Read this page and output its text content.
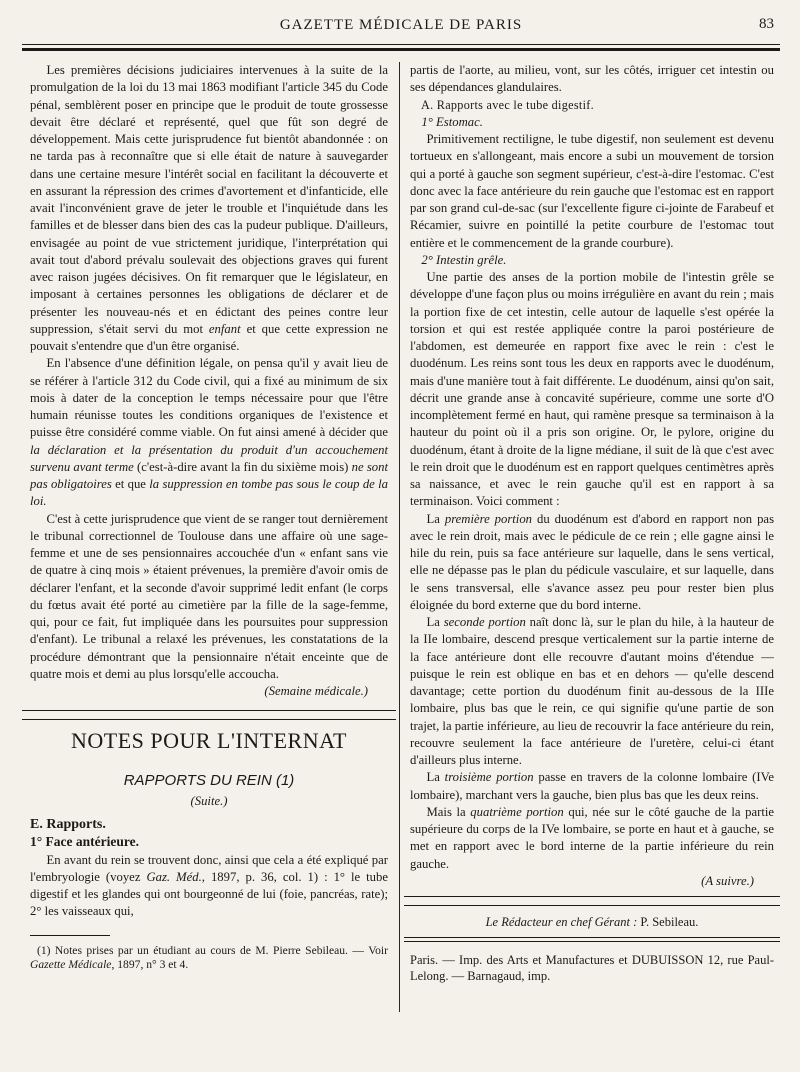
GAZETTE MÉDICALE DE PARIS	83

Les premières décisions judiciaires intervenues à la suite de la promulgation de la loi du 13 mai 1863 modifiant l'article 345 du Code pénal, semblèrent poser en principe que le produit de toute grossesse devait être déclaré et représenté, quel que fût son degré de développement. Mais cette jurisprudence fut bientôt abandonnée : on ne tarda pas à reconnaître que si elle était de nature à sauvegarder dans une certaine mesure l'intérêt social en facilitant la découverte et en assurant la répression des crimes d'avortement et d'infanticide, elle avait l'inconvénient grave de jeter le trouble et l'inquiétude dans les familles et de blesser dans bien des cas la pudeur publique. D'ailleurs, envisagée au point de vue strictement juridique, l'interprétation qui avait tout d'abord prévalu soulevait des objections graves qui furent avec raison jugées décisives. On fit remarquer que le législateur, en imposant à certaines personnes les obligations de déclarer et de présenter les nouveau-nés et en édictant des peines contre leur suppression, s'était servi du mot enfant et que cette expression ne pouvait s'entendre que d'un être organisé.

En l'absence d'une définition légale, on pensa qu'il y avait lieu de se référer à l'article 312 du Code civil, qui a fixé au minimum de six mois à dater de la conception le temps nécessaire pour que l'être humain réunisse toutes les conditions organiques de l'existence et puisse être considéré comme viable. On fut ainsi amené à décider que la déclaration et la présentation du produit d'un accouchement survenu avant terme (c'est-à-dire avant la fin du sixième mois) ne sont pas obligatoires et que la suppression en tombe pas sous le coup de la loi.

C'est à cette jurisprudence que vient de se ranger tout dernièrement le tribunal correctionnel de Toulouse dans une affaire où une sage-femme et une de ses pensionnaires accouchée d'un « enfant sans vie de quatre à cinq mois » étaient prévenues, la première d'avoir omis de déclarer l'enfant, et la seconde d'avoir supprimé ledit enfant (le corps du fœtus avait été porté au cimetière par la fille de la sage-femme, qui, pour ce fait, fut impliquée dans les poursuites pour suppression d'enfant). Le tribunal a relaxé les prévenues, les constatations de la procédure démontrant que la pensionnaire n'était enceinte que de quatre mois et demi au plus lorsqu'elle accoucha.

(Semaine médicale.)

NOTES POUR L'INTERNAT

RAPPORTS DU REIN (1)

(Suite.)

E. Rapports.

1° Face antérieure.

En avant du rein se trouvent donc, ainsi que cela a été expliqué par l'embryologie (voyez Gaz. Méd., 1897, p. 36, col. 1) : 1° le tube digestif et les glandes qui ont bourgeonné de lui (foie, pancréas, rate); 2° les vaisseaux qui,

(1) Notes prises par un étudiant au cours de M. Pierre Sebileau. — Voir Gazette Médicale, 1897, n° 3 et 4.

partis de l'aorte, au milieu, vont, sur les côtés, irriguer cet intestin ou ses dépendances glandulaires.

A. Rapports avec le tube digestif.

1° Estomac.

Primitivement rectiligne, le tube digestif, non seulement est devenu tortueux en s'allongeant, mais encore a subi un mouvement de torsion qui a porté à gauche son segment supérieur, c'est-à-dire l'estomac. C'est donc avec la face antérieure du rein gauche que l'estomac est en rapport par son grand cul-de-sac (sur l'excellente figure ci-jointe de Farabeuf et Récamier, suivre en pointillé la petite courbure de l'estomac tout entière et le commencement de la grande courbure).

2° Intestin grêle.

Une partie des anses de la portion mobile de l'intestin grêle se développe d'une façon plus ou moins irrégulière en avant du rein ; mais la portion fixe de cet intestin, celle autour de laquelle s'est opérée la torsion et qui est restée appliquée contre la paroi postérieure de l'abdomen, est demeurée en rapport fixe avec le rein : c'est le duodénum. Les reins sont tous les deux en rapports avec le duodénum, mais d'une manière tout à fait différente. Le duodénum, ainsi qu'on sait, décrit une grande anse à concavité supérieure, comme une sorte d'O incomplètement fermé en haut, qui ramène presque sa terminaison à la hauteur du point où il a pris son origine. Or, le pylore, origine du duodénum, étant à droite de la ligne médiane, il suit de là que c'est avec le rein droit que le duodénum est en rapport quelques centimètres après sa naissance, et avec le rein gauche qu'il est en rapport à sa terminaison. Voici comment :

La première portion du duodénum est d'abord en rapport non pas avec le rein droit, mais avec le pédicule de ce rein ; elle gagne ainsi le hile du rein, puis sa face antérieure sur laquelle, dans le sens vertical, elle ne dépasse pas le plan du pédicule vasculaire, et sur laquelle, dans le sens transversal, elle s'avance assez peu pour rester bien plus éloignée du bord externe que du bord interne.

La seconde portion naît donc là, sur le plan du hile, à la hauteur de la IIe lombaire, descend presque verticalement sur la partie interne de la face antérieure dont elle recouvre d'autant moins d'étendue — puisque le rein est oblique en bas et en dehors — qu'elle descend davantage; cette portion du duodénum finit au-dessous de la IIIe lombaire, plus bas que le rein, ce qui signifie qu'une partie de son trajet, la partie inférieure, au lieu de recouvrir la face antérieure du rein, recouvre seulement la face antérieure de l'uretère, celui-ci étant d'ailleurs plus interne.

La troisième portion passe en travers de la colonne lombaire (IVe lombaire), marchant vers la gauche, bien plus bas que les deux reins.

Mais la quatrième portion qui, née sur le côté gauche de la partie supérieure du corps de la IVe lombaire, se porte en haut et à gauche, se met en rapport avec le bord interne de la partie inférieure du rein gauche.

(A suivre.)

Le Rédacteur en chef Gérant : P. Sebileau.

Paris. — Imp. des Arts et Manufactures et DUBUISSON 12, rue Paul-Lelong. — Barnagaud, imp.
